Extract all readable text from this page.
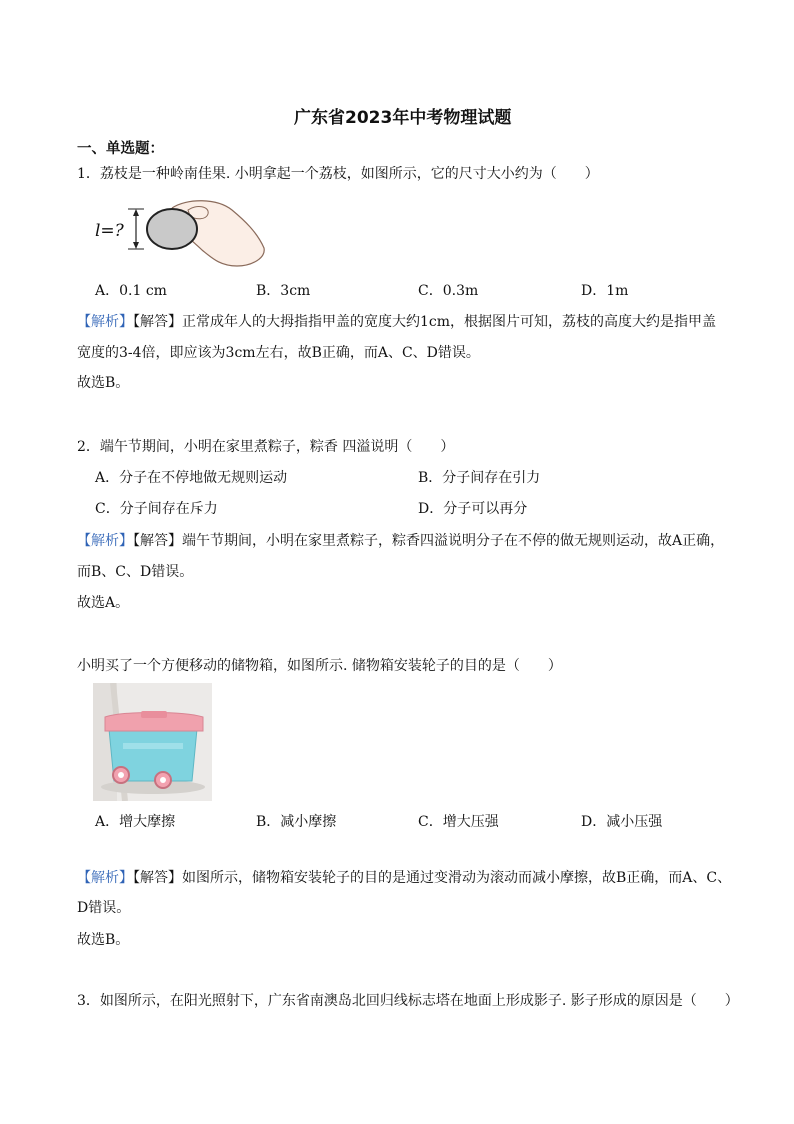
广东省2023年中考物理试题
一、单选题：
1．荔枝是一种岭南佳果. 小明拿起一个荔枝，如图所示，它的尺寸大小约为（　　）
l=?
A．0.1 cm	B．3cm	C．0.3m	D．1m
【解析】【解答】正常成年人的大拇指指甲盖的宽度大约1cm，根据图片可知，荔枝的高度大约是指甲盖
宽度的3-4倍，即应该为3cm左右，故B正确，而A、C、D错误。
故选B。
2．端午节期间，小明在家里煮粽子，粽香 四溢说明（　　）
A．分子在不停地做无规则运动	B．分子间存在引力
C．分子间存在斥力	D．分子可以再分
【解析】【解答】端午节期间，小明在家里煮粽子，粽香四溢说明分子在不停的做无规则运动，故A正确，
而B、C、D错误。
故选A。
小明买了一个方便移动的储物箱，如图所示. 储物箱安装轮子的目的是（　　）
A．增大摩擦	B．减小摩擦	C．增大压强	D．减小压强
【解析】【解答】如图所示，储物箱安装轮子的目的是通过变滑动为滚动而减小摩擦，故B正确，而A、C、
D错误。
故选B。
3．如图所示，在阳光照射下，广东省南澳岛北回归线标志塔在地面上形成影子. 影子形成的原因是（　　）
